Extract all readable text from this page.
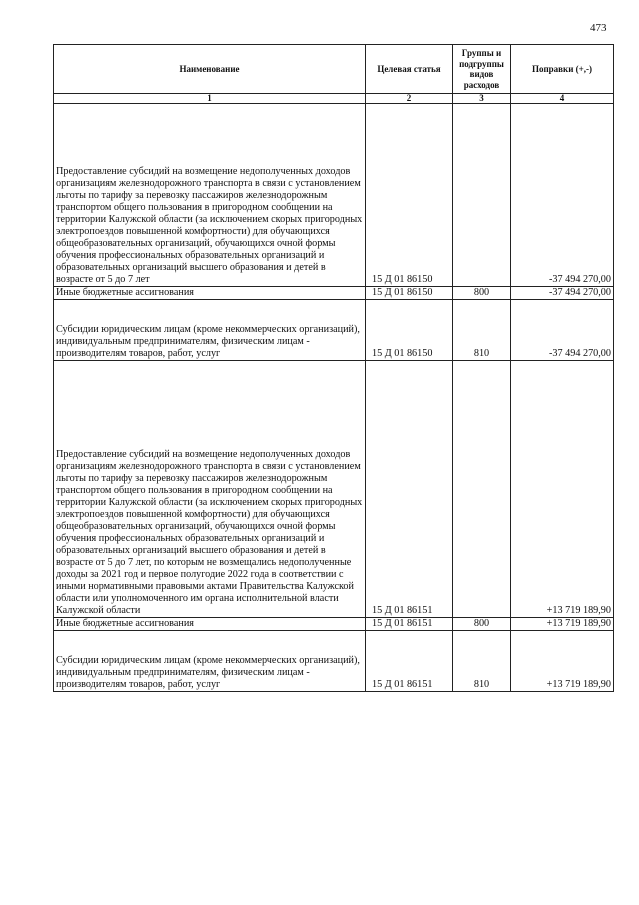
473
Наименование	Целевая статья	Группы и подгруппы видов расходов	Поправки (+,-)
1	2	3	4
Предоставление субсидий на возмещение недополученных доходов организациям железнодорожного транспорта в связи с установлением льготы по тарифу за перевозку пассажиров железнодорожным транспортом общего пользования в пригородном сообщении на территории Калужской области (за исключением скорых пригородных электропоездов повышенной комфортности) для обучающихся общеобразовательных организаций, обучающихся очной формы обучения профессиональных образовательных организаций и образовательных организаций высшего образования и детей в возрасте от 5 до 7 лет	15 Д 01 86150		-37 494 270,00
Иные бюджетные ассигнования	15 Д 01 86150	800	-37 494 270,00
Субсидии юридическим лицам (кроме некоммерческих организаций), индивидуальным предпринимателям, физическим лицам - производителям товаров, работ, услуг	15 Д 01 86150	810	-37 494 270,00
Предоставление субсидий на возмещение недополученных доходов организациям железнодорожного транспорта в связи с установлением льготы по тарифу за перевозку пассажиров железнодорожным транспортом общего пользования в пригородном сообщении на территории Калужской области (за исключением скорых пригородных электропоездов повышенной комфортности) для обучающихся общеобразовательных организаций, обучающихся очной формы обучения профессиональных образовательных организаций и образовательных организаций высшего образования и детей в возрасте от 5 до 7 лет, по которым не возмещались недополученные доходы за 2021 год и первое полугодие 2022 года в соответствии с иными нормативными правовыми актами Правительства Калужской области или уполномоченного им органа исполнительной власти Калужской области	15 Д 01 86151		+13 719 189,90
Иные бюджетные ассигнования	15 Д 01 86151	800	+13 719 189,90
Субсидии юридическим лицам (кроме некоммерческих организаций), индивидуальным предпринимателям, физическим лицам - производителям товаров, работ, услуг	15 Д 01 86151	810	+13 719 189,90
